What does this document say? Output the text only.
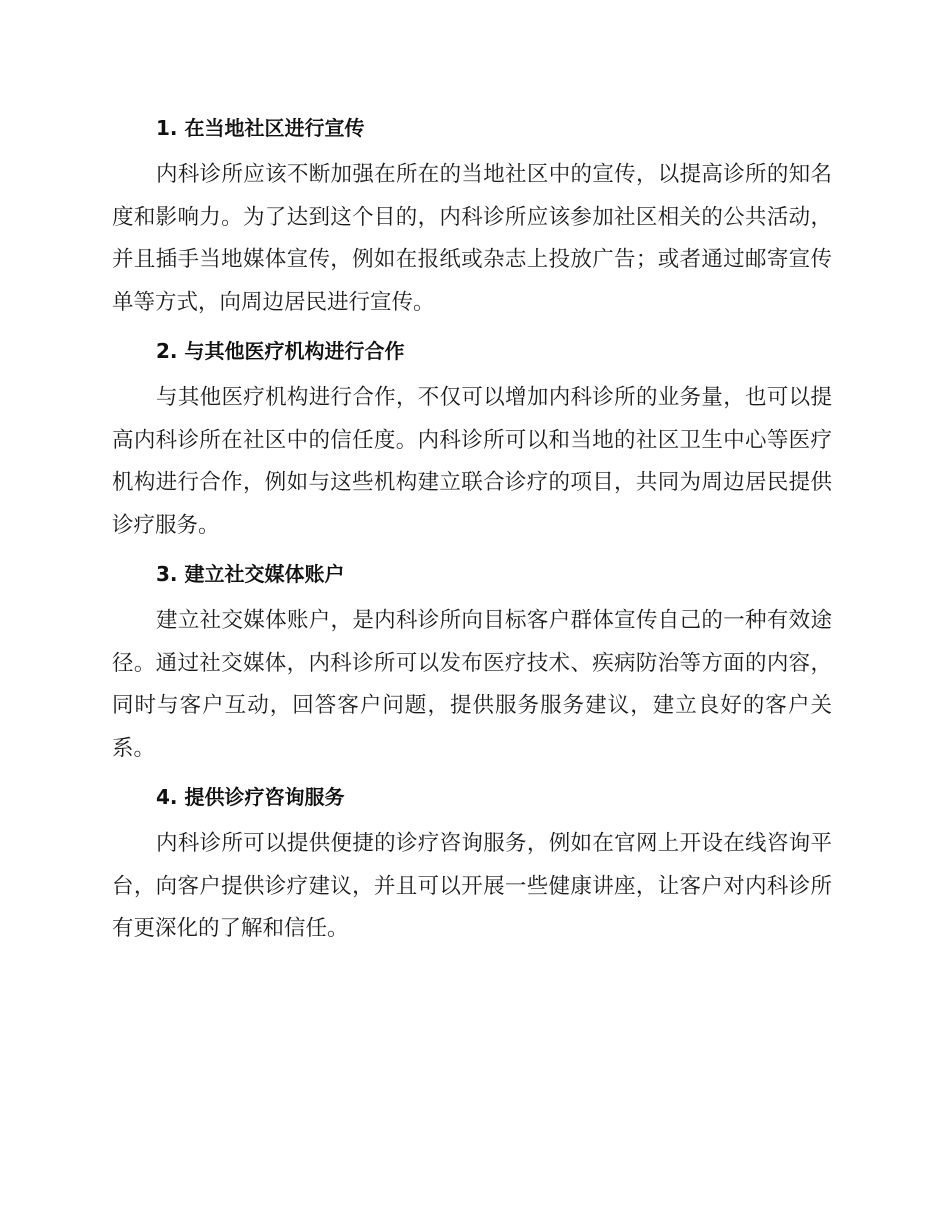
1. 在当地社区进行宣传

内科诊所应该不断加强在所在的当地社区中的宣传，以提高诊所的知名度和影响力。为了达到这个目的，内科诊所应该参加社区相关的公共活动，并且插手当地媒体宣传，例如在报纸或杂志上投放广告；或者通过邮寄宣传单等方式，向周边居民进行宣传。

2. 与其他医疗机构进行合作

与其他医疗机构进行合作，不仅可以增加内科诊所的业务量，也可以提高内科诊所在社区中的信任度。内科诊所可以和当地的社区卫生中心等医疗机构进行合作，例如与这些机构建立联合诊疗的项目，共同为周边居民提供诊疗服务。

3. 建立社交媒体账户

建立社交媒体账户，是内科诊所向目标客户群体宣传自己的一种有效途径。通过社交媒体，内科诊所可以发布医疗技术、疾病防治等方面的内容，同时与客户互动，回答客户问题，提供服务服务建议，建立良好的客户关系。

4. 提供诊疗咨询服务

内科诊所可以提供便捷的诊疗咨询服务，例如在官网上开设在线咨询平台，向客户提供诊疗建议，并且可以开展一些健康讲座，让客户对内科诊所有更深化的了解和信任。
